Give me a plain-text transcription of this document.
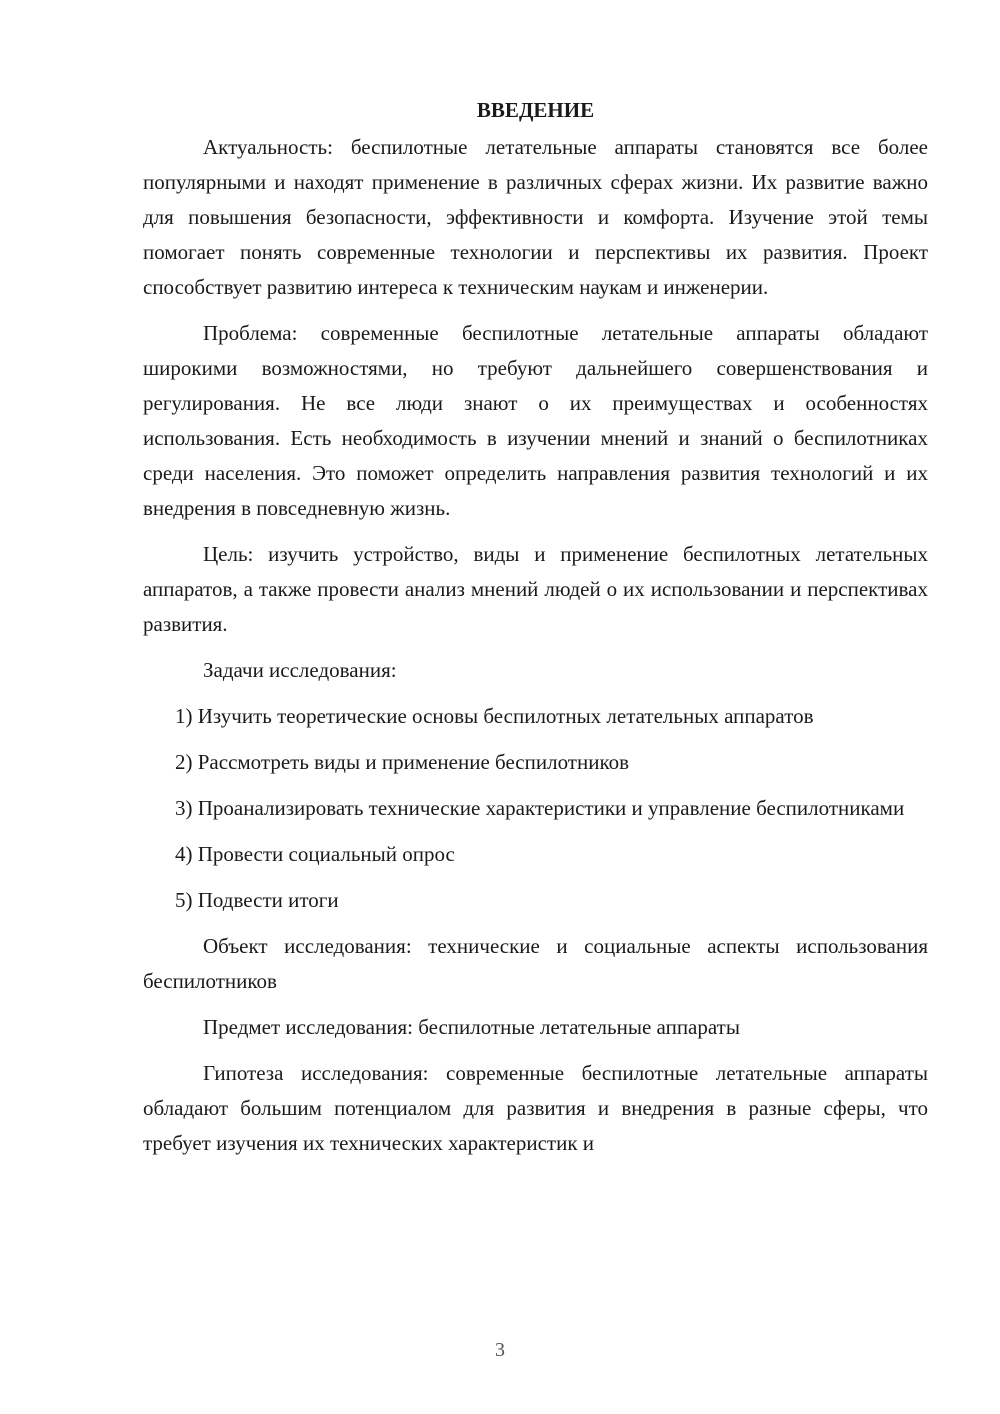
ВВЕДЕНИЕ

Актуальность: беспилотные летательные аппараты становятся все более популярными и находят применение в различных сферах жизни. Их развитие важно для повышения безопасности, эффективности и комфорта. Изучение этой темы помогает понять современные технологии и перспективы их развития. Проект способствует развитию интереса к техническим наукам и инженерии.

Проблема: современные беспилотные летательные аппараты обладают широкими возможностями, но требуют дальнейшего совершенствования и регулирования. Не все люди знают о их преимуществах и особенностях использования. Есть необходимость в изучении мнений и знаний о беспилотниках среди населения. Это поможет определить направления развития технологий и их внедрения в повседневную жизнь.

Цель: изучить устройство, виды и применение беспилотных летательных аппаратов, а также провести анализ мнений людей о их использовании и перспективах развития.

Задачи исследования:

1) Изучить теоретические основы беспилотных летательных аппаратов

2) Рассмотреть виды и применение беспилотников

3) Проанализировать технические характеристики и управление беспилотниками

4) Провести социальный опрос

5) Подвести итоги

Объект исследования: технические и социальные аспекты использования беспилотников

Предмет исследования: беспилотные летательные аппараты

Гипотеза исследования: современные беспилотные летательные аппараты обладают большим потенциалом для развития и внедрения в разные сферы, что требует изучения их технических характеристик и

3
